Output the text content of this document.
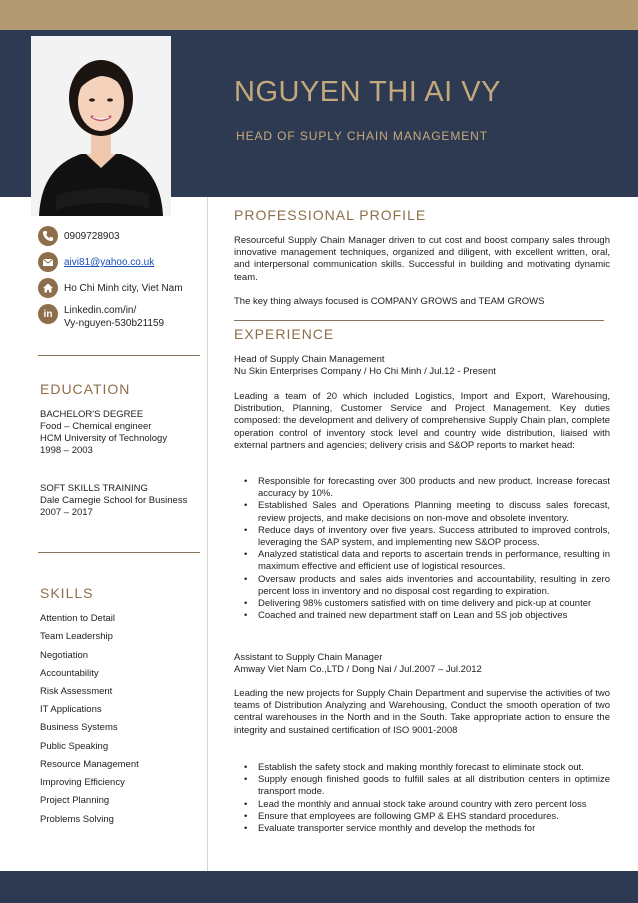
NGUYEN THI AI VY
HEAD OF SUPLY CHAIN MANAGEMENT
0909728903
aivi81@yahoo.co.uk
Ho Chi Minh city, Viet Nam
in Linkedin.com/in/
Vy-nguyen-530b21159
EDUCATION
BACHELOR'S DEGREE
Food – Chemical engineer
HCM University of Technology
1998 – 2003
SOFT SKILLS TRAINING
Dale Carnegie School for Business
2007 – 2017
SKILLS
Attention to Detail
Team Leadership
Negotiation
Accountability
Risk Assessment
IT Applications
Business Systems
Public Speaking
Resource Management
Improving Efficiency
Project Planning
Problems Solving
PROFESSIONAL PROFILE
Resourceful Supply Chain Manager driven to cut cost and boost company sales through innovative management techniques, organized and diligent, with excellent written, oral, and interpersonal communication skills. Successful in building and motivating dynamic team.
The key thing always focused is COMPANY GROWS and TEAM GROWS
EXPERIENCE
Head of Supply Chain Management
Nu Skin Enterprises Company / Ho Chi Minh / Jul.12 - Present
Leading a team of 20 which included Logistics, Import and Export, Warehousing, Distribution, Planning, Customer Service and Project Management. Key duties composed: the development and delivery of comprehensive Supply Chain plan, complete operation control of inventory stock level and country wide distribution, liaised with external partners and agencies; delivery crisis and S&OP reports to market head:
• Responsible for forecasting over 300 products and new product. Increase forecast accuracy by 10%.
• Established Sales and Operations Planning meeting to discuss sales forecast, review projects, and make decisions on non-move and obsolete inventory.
• Reduce days of inventory over five years. Success attributed to improved controls, leveraging the SAP system, and implementing new S&OP process.
• Analyzed statistical data and reports to ascertain trends in performance, resulting in maximum effective and efficient use of logistical resources.
• Oversaw products and sales aids inventories and accountability, resulting in zero percent loss in inventory and no disposal cost regarding to expiration.
• Delivering 98% customers satisfied with on time delivery and pick-up at counter
• Coached and trained new department staff on Lean and 5S job objectives
Assistant to Supply Chain Manager
Amway Viet Nam Co.,LTD / Dong Nai / Jul.2007 – Jul.2012
Leading the new projects for Supply Chain Department and supervise the activities of two teams of Distribution Analyzing and Warehousing, Conduct the smooth operation of two central warehouses in the North and in the South. Take appropriate action to ensure the integrity and sustained certification of ISO 9001-2008
• Establish the safety stock and making monthly forecast to eliminate stock out.
• Supply enough finished goods to fulfill sales at all distribution centers in optimize transport mode.
• Lead the monthly and annual stock take around country with zero percent loss
• Ensure that employees are following GMP & EHS standard procedures.
• Evaluate transporter service monthly and develop the methods for
